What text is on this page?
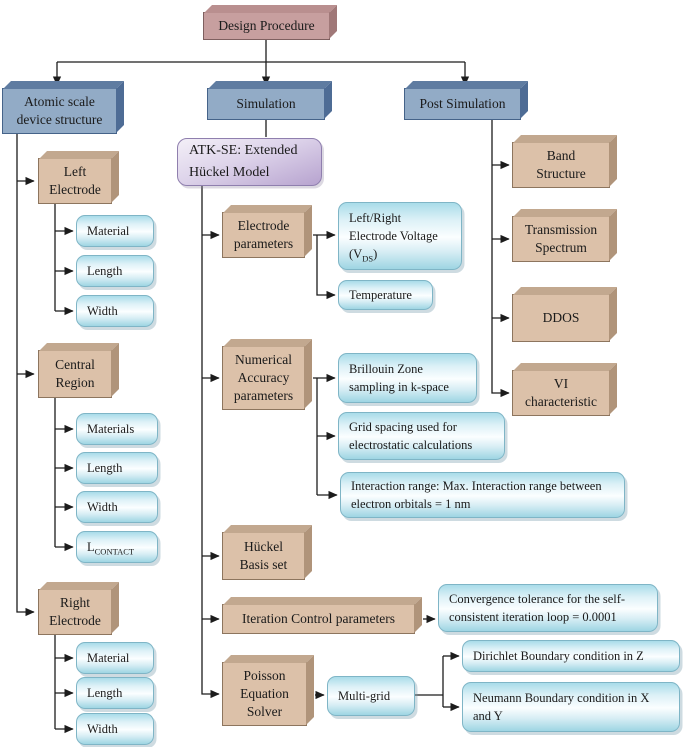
Design Procedure
Atomic scale device structure
Simulation	Post Simulation
ATK-SE: Extended Hückel Model
Left Electrode
Material
Length
Width
Central Region
Materials
Length
Width
$L_{CONTACT}$
Right Electrode
Material
Length
Width
Electrode parameters
Left/Right Electrode Voltage $(V_{DS})$
Temperature
Numerical Accuracy parameters
Brillouin Zone sampling in k-space
Grid spacing used for electrostatic calculations
Interaction range: Max. Interaction range between electron orbitals = 1 nm
Hückel Basis set
Iteration Control parameters
Convergence tolerance for the self-consistent iteration loop = 0.0001
Poisson Equation Solver
Multi-grid
Dirichlet Boundary condition in Z
Neumann Boundary condition in X and Y
Band Structure
Transmission Spectrum
DDOS
VI characteristic
